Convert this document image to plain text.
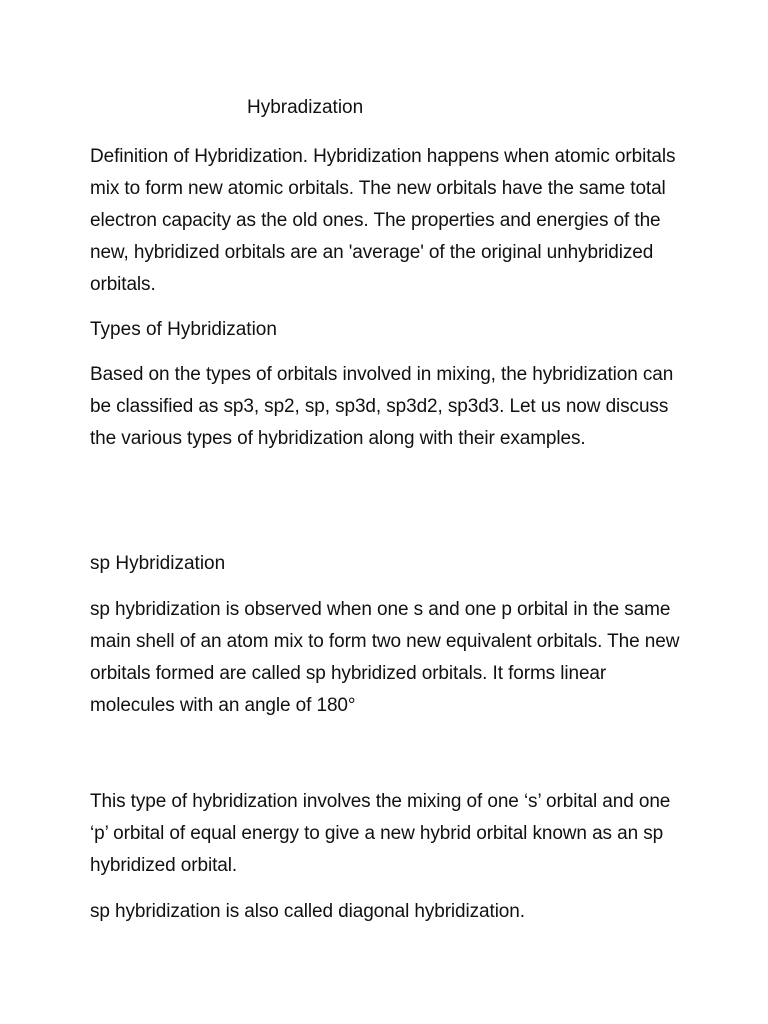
Hybradization

Definition of Hybridization. Hybridization happens when atomic orbitals mix to form new atomic orbitals. The new orbitals have the same total electron capacity as the old ones. The properties and energies of the new, hybridized orbitals are an 'average' of the original unhybridized orbitals.

Types of Hybridization

Based on the types of orbitals involved in mixing, the hybridization can be classified as sp3, sp2, sp, sp3d, sp3d2, sp3d3. Let us now discuss the various types of hybridization along with their examples.

sp Hybridization

sp hybridization is observed when one s and one p orbital in the same main shell of an atom mix to form two new equivalent orbitals. The new orbitals formed are called sp hybridized orbitals. It forms linear molecules with an angle of 180°

This type of hybridization involves the mixing of one ‘s’ orbital and one ‘p’ orbital of equal energy to give a new hybrid orbital known as an sp hybridized orbital.

sp hybridization is also called diagonal hybridization.
